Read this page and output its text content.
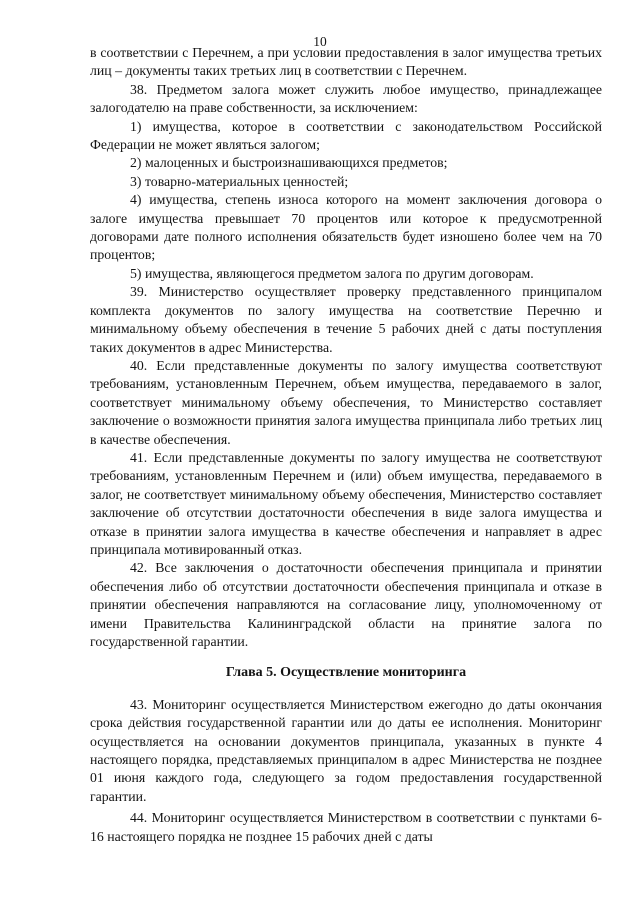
10

в соответствии с Перечнем, а при условии предоставления в залог имущества третьих лиц – документы таких третьих лиц в соответствии с Перечнем.

38. Предметом залога может служить любое имущество, принадлежащее залогодателю на праве собственности, за исключением:

1) имущества, которое в соответствии с законодательством Российской Федерации не может являться залогом;

2) малоценных и быстроизнашивающихся предметов;

3) товарно-материальных ценностей;

4) имущества, степень износа которого на момент заключения договора о залоге имущества превышает 70 процентов или которое к предусмотренной договорами дате полного исполнения обязательств будет изношено более чем на 70 процентов;

5) имущества, являющегося предметом залога по другим договорам.

39. Министерство осуществляет проверку представленного принципалом комплекта документов по залогу имущества на соответствие Перечню и минимальному объему обеспечения в течение 5 рабочих дней с даты поступления таких документов в адрес Министерства.

40. Если представленные документы по залогу имущества соответствуют требованиям, установленным Перечнем, объем имущества, передаваемого в залог, соответствует минимальному объему обеспечения, то Министерство составляет заключение о возможности принятия залога имущества принципала либо третьих лиц в качестве обеспечения.

41. Если представленные документы по залогу имущества не соответствуют требованиям, установленным Перечнем и (или) объем имущества, передаваемого в залог, не соответствует минимальному объему обеспечения, Министерство составляет заключение об отсутствии достаточности обеспечения в виде залога имущества и отказе в принятии залога имущества в качестве обеспечения и направляет в адрес принципала мотивированный отказ.

42. Все заключения о достаточности обеспечения принципала и принятии обеспечения либо об отсутствии достаточности обеспечения принципала и отказе в принятии обеспечения направляются на согласование лицу, уполномоченному от имени Правительства Калининградской области на принятие залога по государственной гарантии.

Глава 5. Осуществление мониторинга

43. Мониторинг осуществляется Министерством ежегодно до даты окончания срока действия государственной гарантии или до даты ее исполнения. Мониторинг осуществляется на основании документов принципала, указанных в пункте 4 настоящего порядка, представляемых принципалом в адрес Министерства не позднее 01 июня каждого года, следующего за годом предоставления государственной гарантии.

44. Мониторинг осуществляется Министерством в соответствии с пунктами 6-16 настоящего порядка не позднее 15 рабочих дней с даты
